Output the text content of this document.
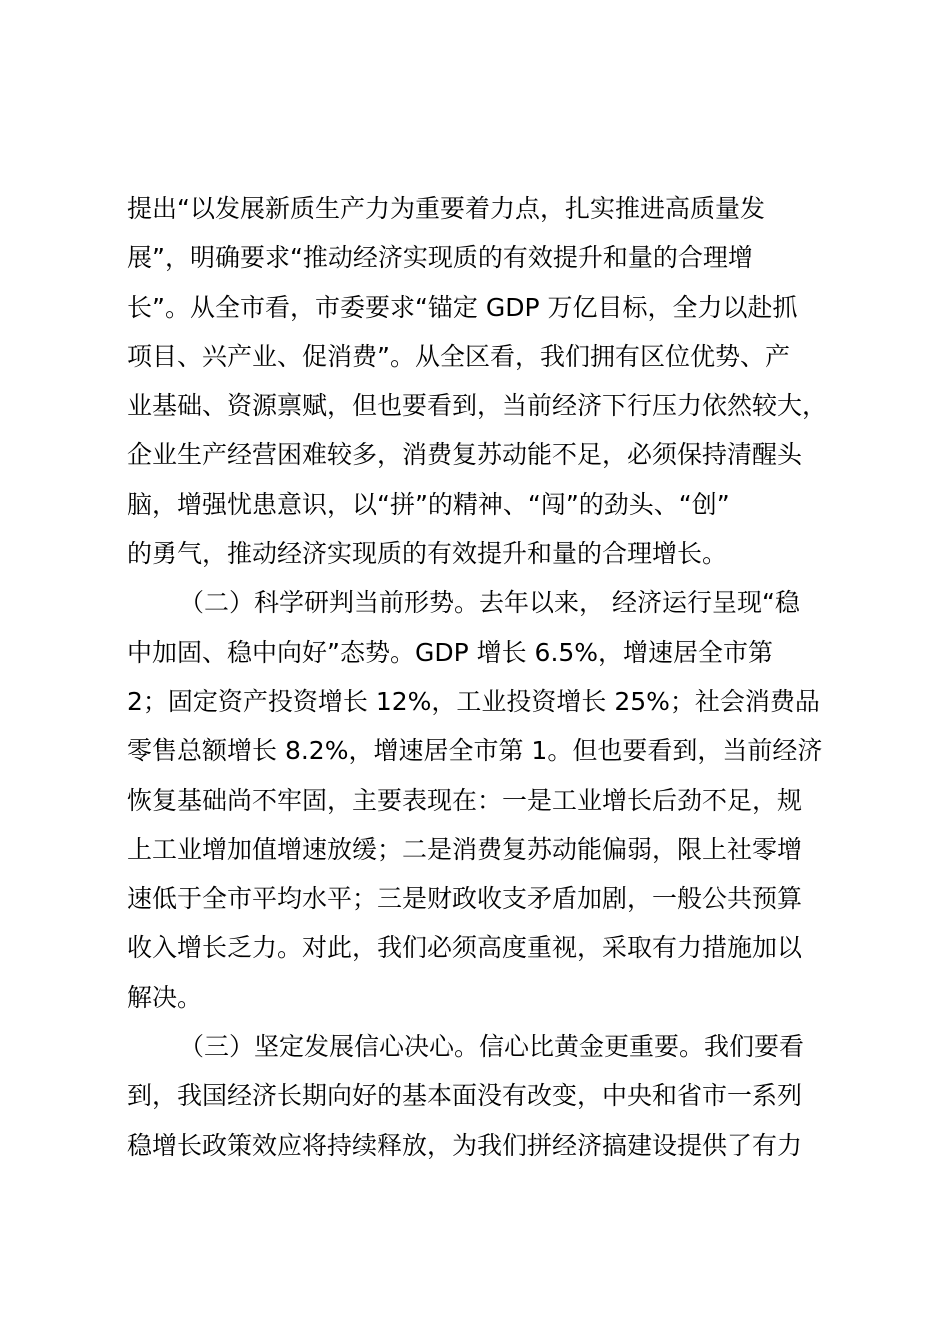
提出“以发展新质生产力为重要着力点，扎实推进高质量发
展”，明确要求“推动经济实现质的有效提升和量的合理增
长”。从全市看，市委要求“锚定 GDP 万亿目标，全力以赴抓
项目、兴产业、促消费”。从全区看，我们拥有区位优势、产
业基础、资源禀赋，但也要看到，当前经济下行压力依然较大，
企业生产经营困难较多，消费复苏动能不足，必须保持清醒头
脑，增强忧患意识，以“拼”的精神、“闯”的劲头、“创”
的勇气，推动经济实现质的有效提升和量的合理增长。
（二）科学研判当前形势。去年以来， 经济运行呈现“稳
中加固、稳中向好”态势。GDP 增长 6.5%，增速居全市第
2；固定资产投资增长 12%，工业投资增长 25%；社会消费品
零售总额增长 8.2%，增速居全市第 1。但也要看到，当前经济
恢复基础尚不牢固，主要表现在：一是工业增长后劲不足，规
上工业增加值增速放缓；二是消费复苏动能偏弱，限上社零增
速低于全市平均水平；三是财政收支矛盾加剧，一般公共预算
收入增长乏力。对此，我们必须高度重视，采取有力措施加以
解决。
（三）坚定发展信心决心。信心比黄金更重要。我们要看
到，我国经济长期向好的基本面没有改变，中央和省市一系列
稳增长政策效应将持续释放，为我们拼经济搞建设提供了有力
